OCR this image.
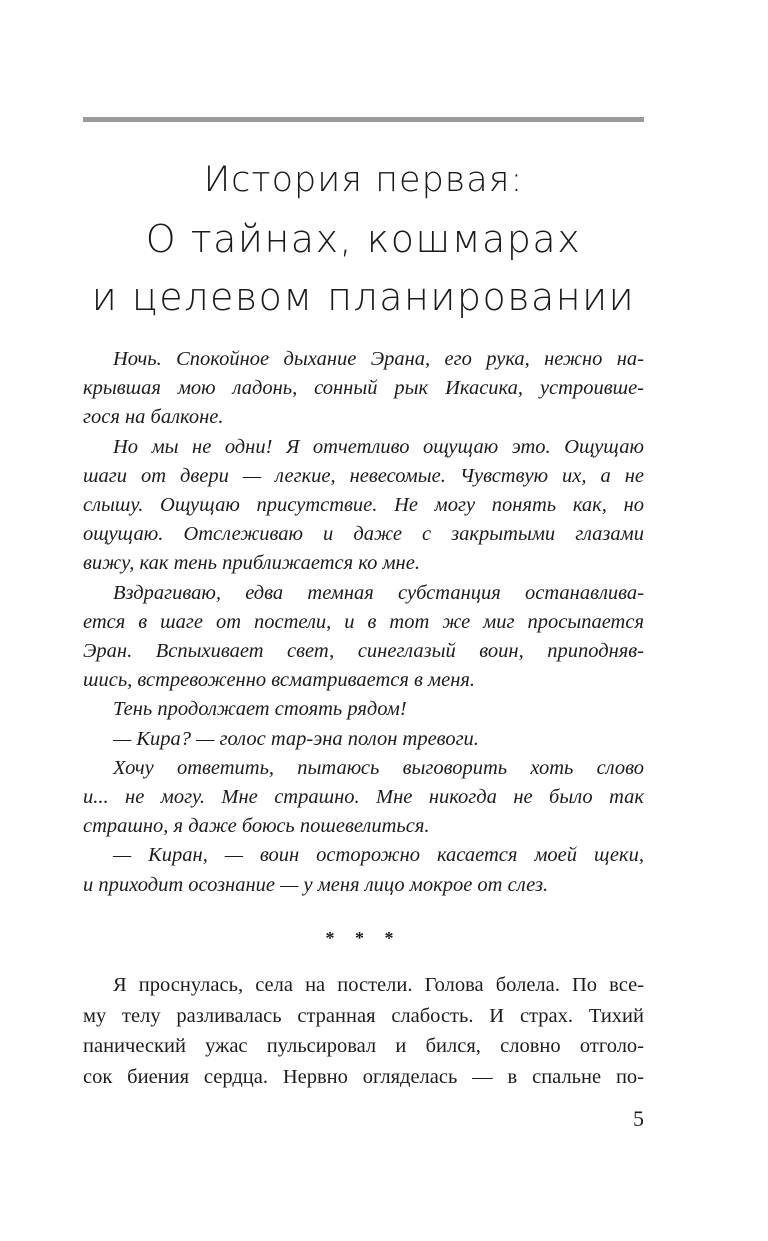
История первая:
О тайнах, кошмарах
и целевом планировании

Ночь. Спокойное дыхание Эрана, его рука, нежно на-
крывшая мою ладонь, сонный рык Икасика, устроивше-
гося на балконе.

Но мы не одни! Я отчетливо ощущаю это. Ощущаю
шаги от двери — легкие, невесомые. Чувствую их, а не
слышу. Ощущаю присутствие. Не могу понять как, но
ощущаю. Отслеживаю и даже с закрытыми глазами
вижу, как тень приближается ко мне.

Вздрагиваю, едва темная субстанция останавлива-
ется в шаге от постели, и в тот же миг просыпается
Эран. Вспыхивает свет, синеглазый воин, приподняв-
шись, встревоженно всматривается в меня.

Тень продолжает стоять рядом!

— Кира? — голос тар-эна полон тревоги.

Хочу ответить, пытаюсь выговорить хоть слово
и... не могу. Мне страшно. Мне никогда не было так
страшно, я даже боюсь пошевелиться.

— Киран, — воин осторожно касается моей щеки,
и приходит осознание — у меня лицо мокрое от слез.

* * *

Я проснулась, села на постели. Голова болела. По все-
му телу разливалась странная слабость. И страх. Тихий
панический ужас пульсировал и бился, словно отголо-
сок биения сердца. Нервно огляделась — в спальне по-

5
